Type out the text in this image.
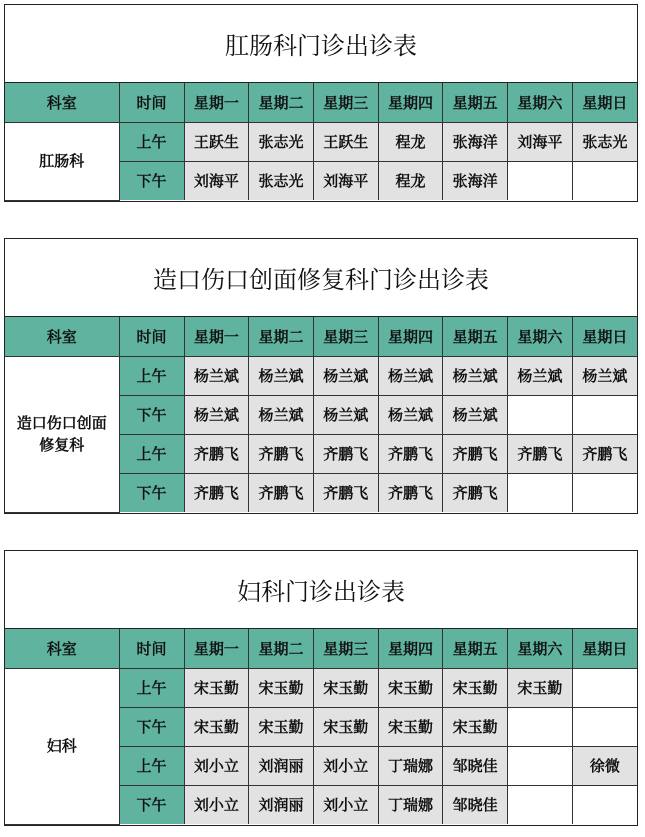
肛肠科门诊出诊表
科室	时间	星期一	星期二	星期三	星期四	星期五	星期六	星期日
肛肠科	上午	王跃生	张志光	王跃生	程龙	张海洋	刘海平	张志光
	下午	刘海平	张志光	刘海平	程龙	张海洋		
造口伤口创面修复科门诊出诊表
科室	时间	星期一	星期二	星期三	星期四	星期五	星期六	星期日
造口伤口创面修复科	上午	杨兰斌	杨兰斌	杨兰斌	杨兰斌	杨兰斌	杨兰斌	杨兰斌
	下午	杨兰斌	杨兰斌	杨兰斌	杨兰斌	杨兰斌		
	上午	齐鹏飞	齐鹏飞	齐鹏飞	齐鹏飞	齐鹏飞	齐鹏飞	齐鹏飞
	下午	齐鹏飞	齐鹏飞	齐鹏飞	齐鹏飞	齐鹏飞		
妇科门诊出诊表
科室	时间	星期一	星期二	星期三	星期四	星期五	星期六	星期日
妇科	上午	宋玉勤	宋玉勤	宋玉勤	宋玉勤	宋玉勤	宋玉勤	
	下午	宋玉勤	宋玉勤	宋玉勤	宋玉勤	宋玉勤		
	上午	刘小立	刘润丽	刘小立	丁瑞娜	邹晓佳		徐微
	下午	刘小立	刘润丽	刘小立	丁瑞娜	邹晓佳		
